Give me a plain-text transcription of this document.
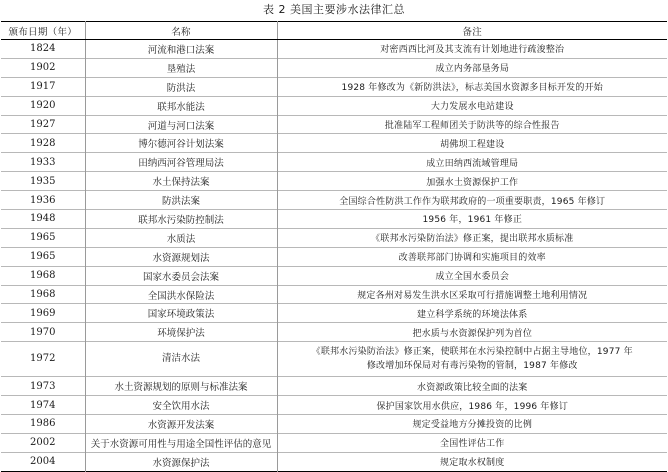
表 2 美国主要涉水法律汇总
颁布日期（年）	名称	备注
1824	河流和港口法案	对密西西比河及其支流有计划地进行疏浚整治

1902	垦殖法	成立内务部垦务局

1917	防洪法	1928 年修改为《新防洪法》，标志美国水资源多目标开发的开始

1920	联邦水能法	大力发展水电站建设

1927	河道与河口法案	批准陆军工程师团关于防洪等的综合性报告

1928	博尔德河谷计划法案	胡佛坝工程建设

1933	田纳西河谷管理局法	成立田纳西流域管理局

1935	水土保持法案	加强水土资源保护工作

1936	防洪法案	全国综合性防洪工作作为联邦政府的一项重要职责，1965 年修订

1948	联邦水污染防控制法	1956 年，1961 年修正

1965	水质法	《联邦水污染防治法》修正案，提出联邦水质标准

1965	水资源规划法	改善联邦部门协调和实施项目的效率

1968	国家水委员会法案	成立全国水委员会

1968	全国洪水保险法	规定各州对易发生洪水区采取可行措施调整土地利用情况

1969	国家环境政策法	建立科学系统的环境法体系

1970	环境保护法	把水质与水资源保护列为首位

1972	清洁水法	《联邦水污染防治法》修正案，使联邦在水污染控制中占据主导地位，1977 年
修改增加环保局对有毒污染物的管制，1987 年修改

1973	水土资源规划的原则与标准法案	水资源政策比较全面的法案

1974	安全饮用水法	保护国家饮用水供应，1986 年，1996 年修订

1986	水资源开发法案	规定受益地方分摊投资的比例

2002	关于水资源可用性与用途全国性评估的意见	全国性评估工作

2004	水资源保护法	规定取水权制度
